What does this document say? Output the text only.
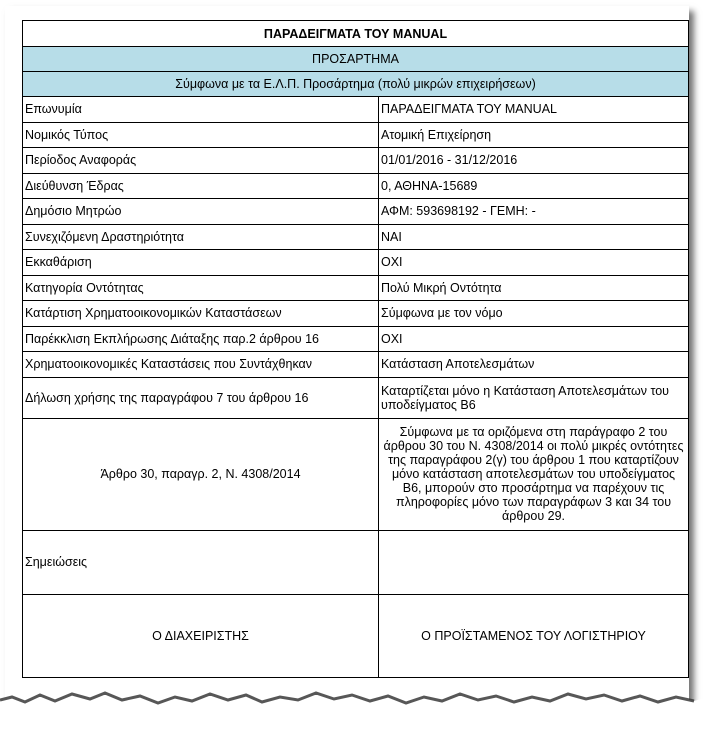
ΠΑΡΑΔΕΙΓΜΑΤΑ ΤΟΥ MANUAL	
ΠΡΟΣΑΡΤΗΜΑ	
Σύμφωνα με τα Ε.Λ.Π. Προσάρτημα (πολύ μικρών επιχειρήσεων)	
Επωνυμία	ΠΑΡΑΔΕΙΓΜΑΤΑ ΤΟΥ MANUAL
Νομικός Τύπος	Ατομική Επιχείρηση
Περίοδος Αναφοράς	01/01/2016 - 31/12/2016
Διεύθυνση Έδρας	0, ΑΘΗΝΑ-15689
Δημόσιο Μητρώο	ΑΦΜ: 593698192 - ΓΕΜΗ: -
Συνεχιζόμενη Δραστηριότητα	ΝΑΙ
Εκκαθάριση	ΟΧΙ
Κατηγορία Οντότητας	Πολύ Μικρή Οντότητα
Κατάρτιση Χρηματοοικονομικών Καταστάσεων	Σύμφωνα με τον νόμο
Παρέκκλιση Εκπλήρωσης Διάταξης παρ.2 άρθρου 16	ΟΧΙ
Χρηματοοικονομικές Καταστάσεις που Συντάχθηκαν	Κατάσταση Αποτελεσμάτων
Δήλωση χρήσης της παραγράφου 7 του άρθρου 16	Καταρτίζεται μόνο η Κατάσταση Αποτελεσμάτων του υποδείγματος Β6
Άρθρο 30, παραγρ. 2, Ν. 4308/2014	Σύμφωνα με τα οριζόμενα στη παράγραφο 2 του άρθρου 30 του Ν. 4308/2014 οι πολύ μικρές οντότητες της παραγράφου 2(γ) του άρθρου 1 που καταρτίζουν μόνο κατάσταση αποτελεσμάτων του υποδείγματος Β6, μπορούν στο προσάρτημα να παρέχουν τις πληροφορίες μόνο των παραγράφων 3 και 34 του άρθρου 29.
Σημειώσεις	
Ο ΔΙΑΧΕΙΡΙΣΤΗΣ	Ο ΠΡΟΪΣΤΑΜΕΝΟΣ ΤΟΥ ΛΟΓΙΣΤΗΡΙΟΥ
